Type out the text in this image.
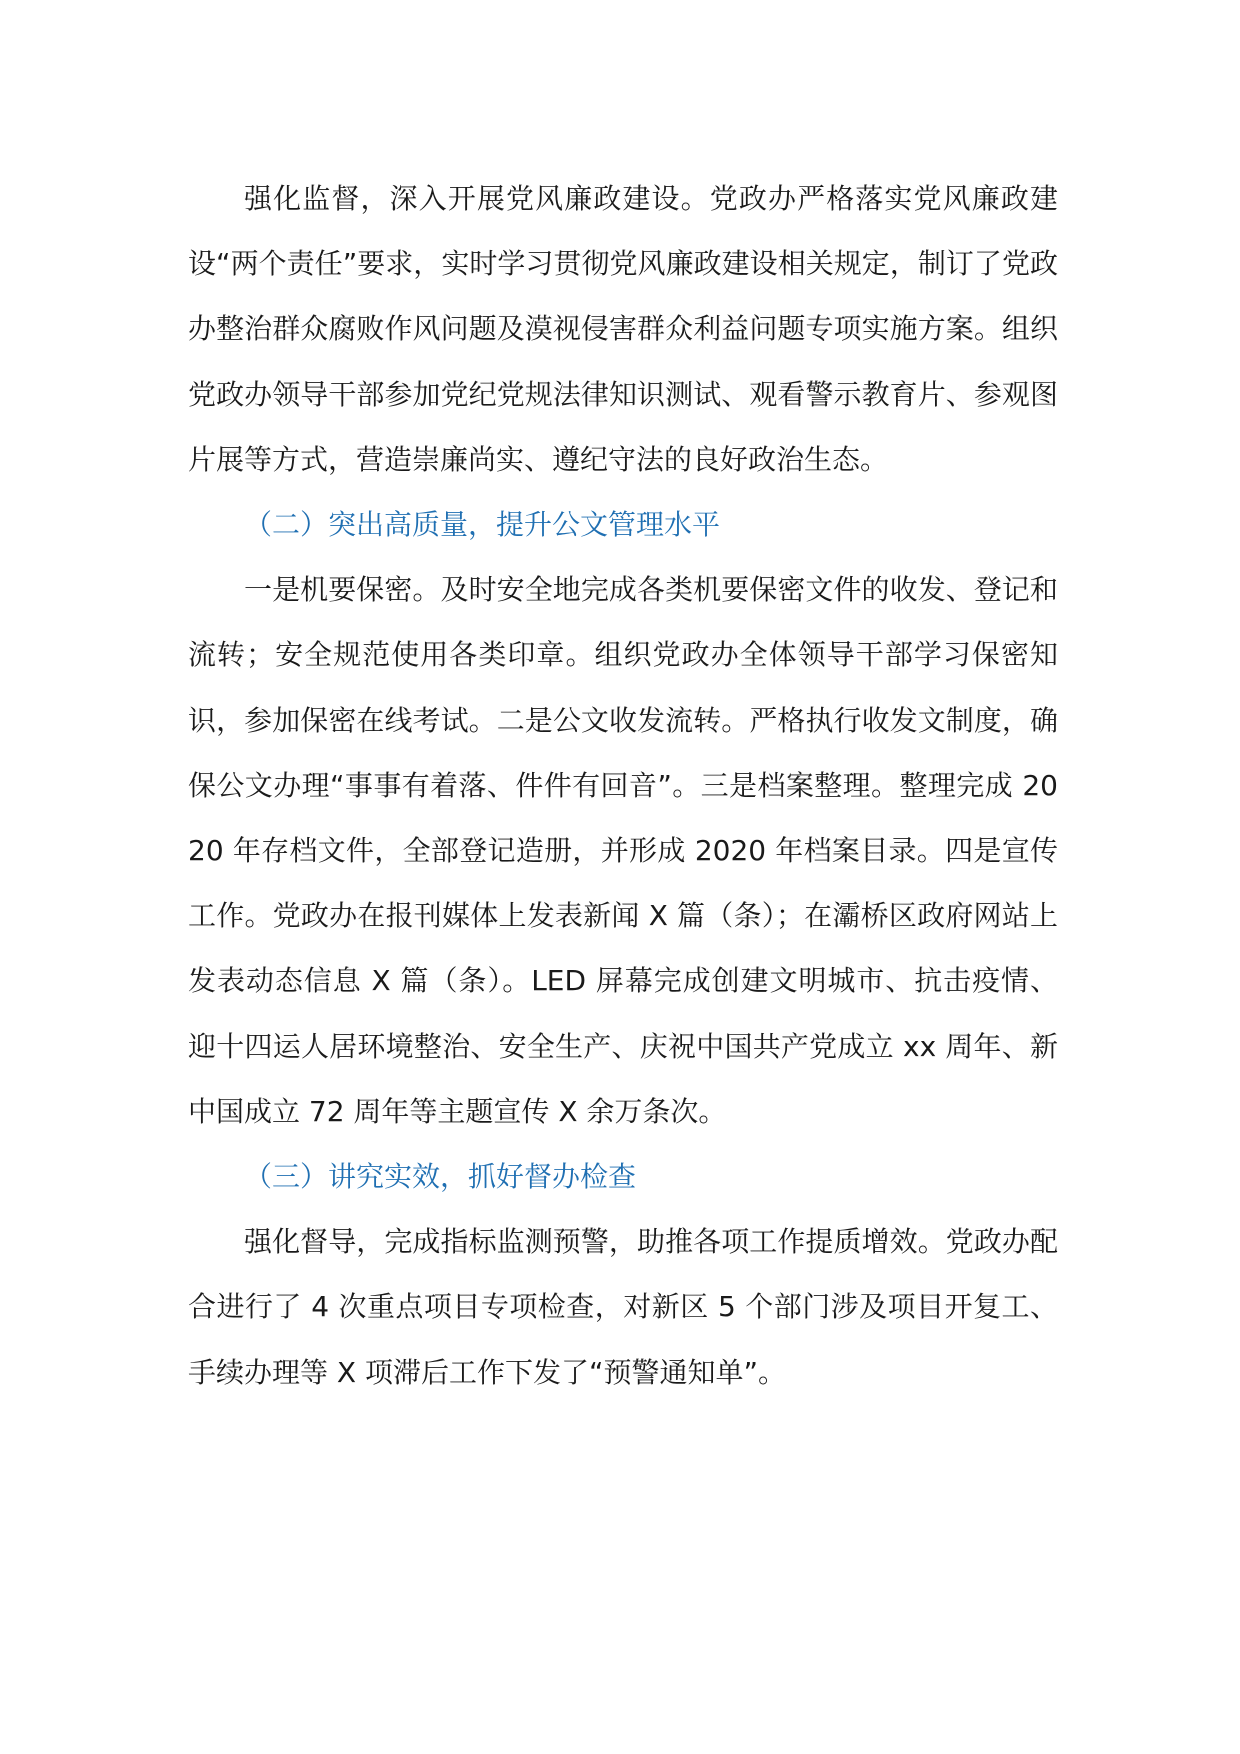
强化监督，深入开展党风廉政建设。党政办严格落实党风廉政建设“两个责任”要求，实时学习贯彻党风廉政建设相关规定，制订了党政办整治群众腐败作风问题及漠视侵害群众利益问题专项实施方案。组织党政办领导干部参加党纪党规法律知识测试、观看警示教育片、参观图片展等方式，营造崇廉尚实、遵纪守法的良好政治生态。

（二）突出高质量，提升公文管理水平

一是机要保密。及时安全地完成各类机要保密文件的收发、登记和流转；安全规范使用各类印章。组织党政办全体领导干部学习保密知识，参加保密在线考试。二是公文收发流转。严格执行收发文制度，确保公文办理“事事有着落、件件有回音”。三是档案整理。整理完成 2020 年存档文件，全部登记造册，并形成 2020 年档案目录。四是宣传工作。党政办在报刊媒体上发表新闻 X 篇（条）；在灞桥区政府网站上发表动态信息 X 篇（条）。LED 屏幕完成创建文明城市、抗击疫情、迎十四运人居环境整治、安全生产、庆祝中国共产党成立 xx 周年、新中国成立 72 周年等主题宣传 X 余万条次。

（三）讲究实效，抓好督办检查

强化督导，完成指标监测预警，助推各项工作提质增效。党政办配合进行了 4 次重点项目专项检查，对新区 5 个部门涉及项目开复工、手续办理等 X 项滞后工作下发了“预警通知单”。
